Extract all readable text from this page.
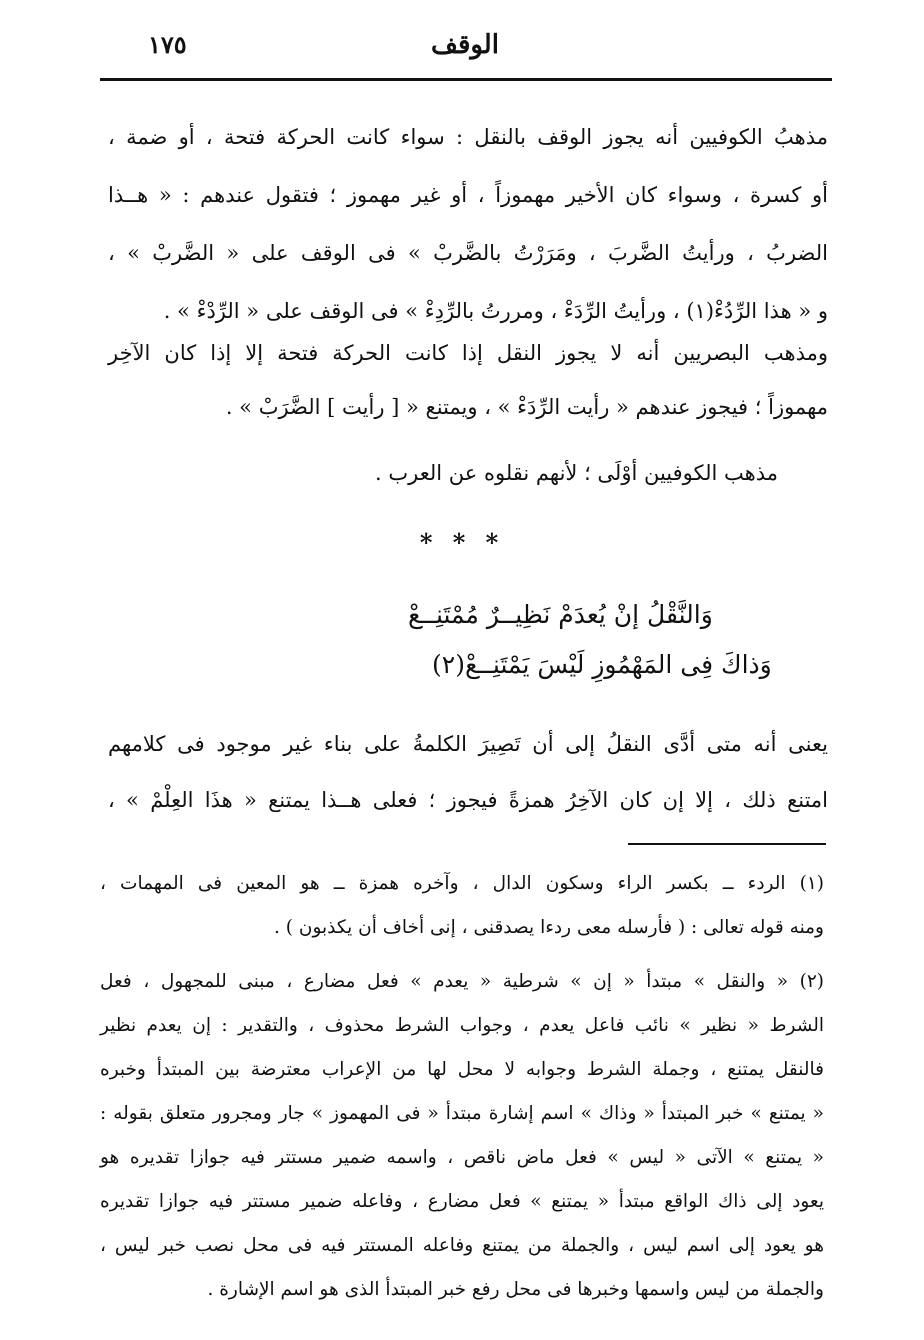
الوقف
١٧٥
مذهبُ الكوفيين أنه يجوز الوقف بالنقل : سواء كانت الحركة فتحة ، أو ضمة ،
أو كسرة ، وسواء كان الأخير مهموزاً ، أو غير مهموز ؛ فتقول عندهم : « هــذا
الضربُ ، ورأيتُ الضَّربَ ، ومَرَرْتُ بالضَّربْ » فى الوقف على « الضَّربْ » ،
و « هذا الرِّدُءْ(١) ، ورأيتُ الرِّدَءْ ، ومررتُ بالرِّدِءْ » فى الوقف على « الرِّدْءْ » .
ومذهب البصريين أنه لا يجوز النقل إذا كانت الحركة فتحة إلا إذا كان الآخِر
مهموزاً ؛ فيجوز عندهم « رأيت الرِّدَءْ » ، ويمتنع « [ رأيت ] الضَّرَبْ » .
مذهب الكوفيين أوْلَى ؛ لأنهم نقلوه عن العرب .
* * *
وَالنَّقْلُ إنْ يُعدَمْ نَظِيــرٌ مُمْتَنِــعْ
وَذاكَ فِى المَهْمُوزِ لَيْسَ يَمْتَنِــعْ(٢)
يعنى أنه متى أدَّى النقلُ إلى أن تَصِيرَ الكلمةُ على بناء غير موجود فى كلامهم
امتنع ذلك ، إلا إن كان الآخِرُ همزةً فيجوز ؛ فعلى هــذا يمتنع « هذَا العِلْمْ » ،
(١) الردء ــ بكسر الراء وسكون الدال ، وآخره همزة ــ هو المعين فى المهمات ،
ومنه قوله تعالى : ( فأرسله معى ردءا يصدقنى ، إنى أخاف أن يكذبون ) .
(٢) « والنقل » مبتدأ « إن » شرطية « يعدم » فعل مضارع ، مبنى للمجهول ، فعل
الشرط « نظير » نائب فاعل يعدم ، وجواب الشرط محذوف ، والتقدير : إن يعدم نظير
فالنقل يمتنع ، وجملة الشرط وجوابه لا محل لها من الإعراب معترضة بين المبتدأ وخبره
« يمتنع » خبر المبتدأ « وذاك » اسم إشارة مبتدأ « فى المهموز » جار ومجرور متعلق بقوله :
« يمتنع » الآتى « ليس » فعل ماض ناقص ، واسمه ضمير مستتر فيه جوازا تقديره هو
يعود إلى ذاك الواقع مبتدأ « يمتنع » فعل مضارع ، وفاعله ضمير مستتر فيه جوازا تقديره
هو يعود إلى اسم ليس ، والجملة من يمتنع وفاعله المستتر فيه فى محل نصب خبر ليس ،
والجملة من ليس واسمها وخبرها فى محل رفع خبر المبتدأ الذى هو اسم الإشارة .
